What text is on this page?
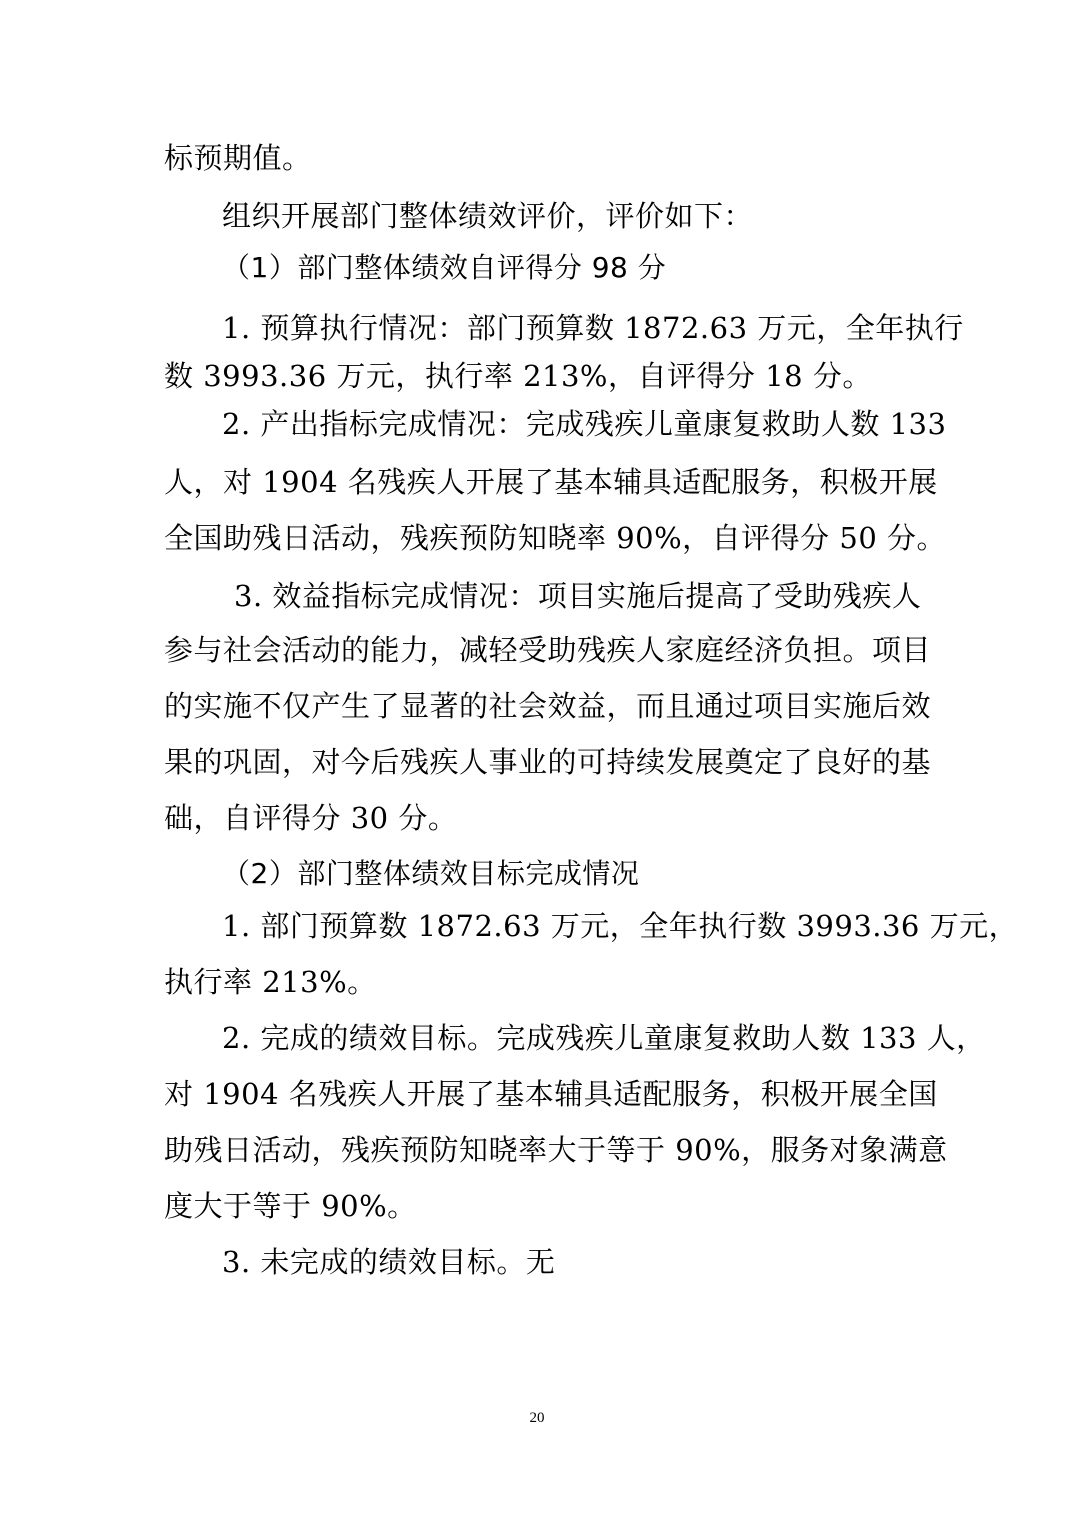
标预期值。
组织开展部门整体绩效评价，评价如下：
（1）部门整体绩效自评得分 98 分
1. 预算执行情况：部门预算数 1872.63 万元，全年执行
数 3993.36 万元，执行率 213%，自评得分 18 分。
2. 产出指标完成情况：完成残疾儿童康复救助人数 133
人，对 1904 名残疾人开展了基本辅具适配服务，积极开展
全国助残日活动，残疾预防知晓率 90%，自评得分 50 分。
3. 效益指标完成情况：项目实施后提高了受助残疾人
参与社会活动的能力，减轻受助残疾人家庭经济负担。项目
的实施不仅产生了显著的社会效益，而且通过项目实施后效
果的巩固，对今后残疾人事业的可持续发展奠定了良好的基
础，自评得分 30 分。
（2）部门整体绩效目标完成情况
1. 部门预算数 1872.63 万元，全年执行数 3993.36 万元，
执行率 213%。
2. 完成的绩效目标。完成残疾儿童康复救助人数 133 人，
对 1904 名残疾人开展了基本辅具适配服务，积极开展全国
助残日活动，残疾预防知晓率大于等于 90%，服务对象满意
度大于等于 90%。
3. 未完成的绩效目标。无
20
